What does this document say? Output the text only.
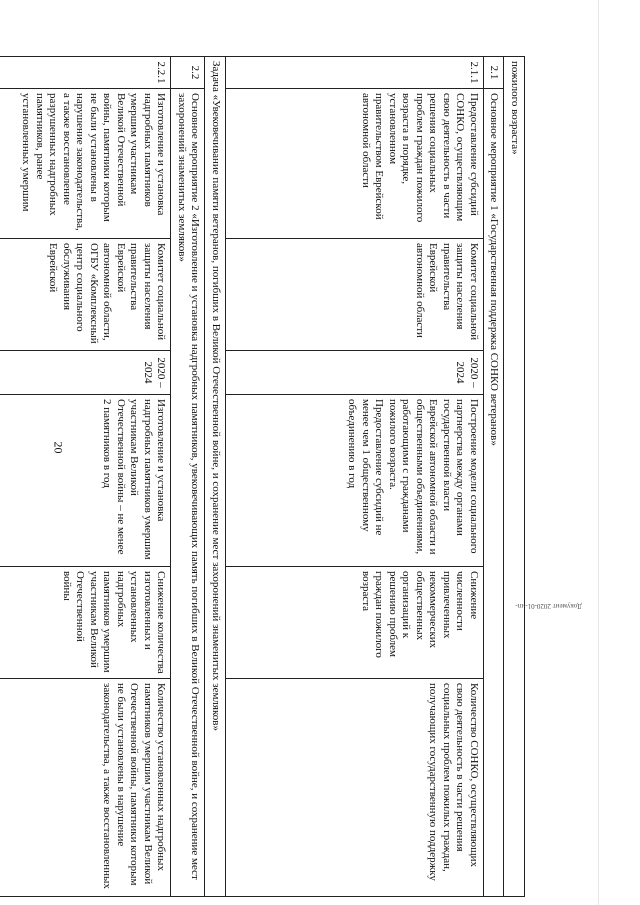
20
Документ 2020-01-нп-
пожилого возраста»						
2.1	Основное мероприятие 1 «Государственная поддержка СОНКО ветеранов»					
2.1.1	Предоставление субсидий СОНКО, осуществляющим свою деятельность в части решения социальных проблем граждан пожилого возраста в порядке, установленном правительством Еврейской автономной области	Комитет социальной защиты населения правительства Еврейской автономной области	2020 – 2024	Построение модели социального партнерства между органами государственной власти Еврейской автономной области и общественными объединениями, работающими с гражданами пожилого возраста. Предоставление субсидий не менее чем 1 общественному объединению в год	Снижение численности привлеченных некоммерческих общественных организаций к решению проблем граждан пожилого возраста	Количество СОНКО, осуществляющих свою деятельность в части решения социальных проблем пожилых граждан, получающих государственную поддержку
Задача «Увековечивание памяти ветеранов, погибших в Великой Отечественной войне, и сохранение мест захоронений знаменитых земляков»						
2.2	Основное мероприятие 2 «Изготовление и установка надгробных памятников, увековечивающих память погибших в Великой Отечественной войне, и сохранение мест захоронений знаменитых земляков»					
2.2.1	Изготовление и установка надгробных памятников умершим участникам Великой Отечественной войны, памятники которым не были установлены в нарушение законодательства, а также восстановление разрушенных надгробных памятников, ранее установленных умершим	Комитет социальной защиты населения правительства Еврейской автономной области, ОГБУ «Комплексный центр социального обслуживания Еврейской	2020 – 2024	Изготовление и установка надгробных памятников умершим участникам Великой Отечественной войны – не менее 2 памятников в год	Снижение количества изготовленных и установленных надгробных памятников умершим участникам Великой Отечественной войны	Количество установленных надгробных памятников умершим участникам Великой Отечественной войны, памятники которым не были установлены в нарушение законодательства, а также восстановленных
